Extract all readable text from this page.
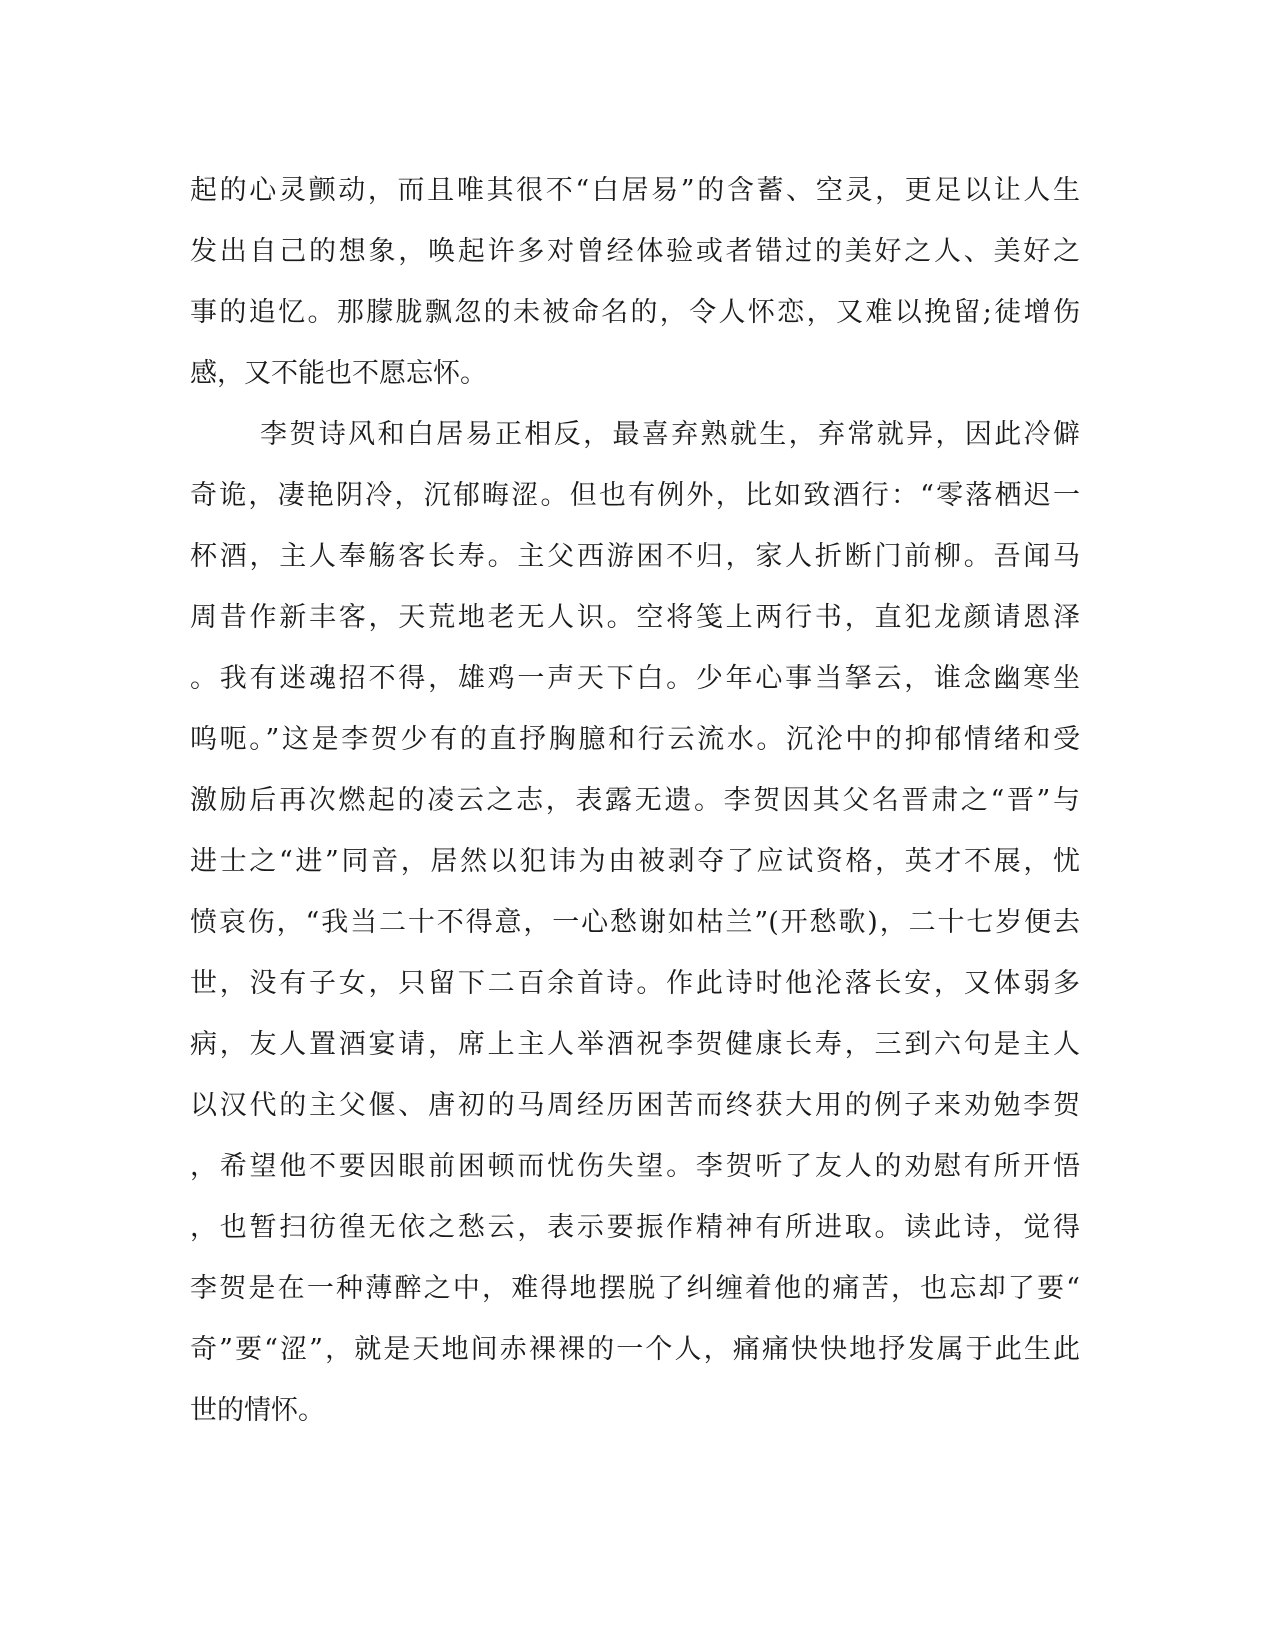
起的心灵颤动，而且唯其很不“白居易”的含蓄、空灵，更足以让人生
发出自己的想象，唤起许多对曾经体验或者错过的美好之人、美好之
事的追忆。那朦胧飘忽的未被命名的，令人怀恋，又难以挽留;徒增伤
感，又不能也不愿忘怀。
李贺诗风和白居易正相反，最喜弃熟就生，弃常就异，因此冷僻
奇诡，凄艳阴冷，沉郁晦涩。但也有例外，比如致酒行：“零落栖迟一
杯酒，主人奉觞客长寿。主父西游困不归，家人折断门前柳。吾闻马
周昔作新丰客，天荒地老无人识。空将笺上两行书，直犯龙颜请恩泽
。我有迷魂招不得，雄鸡一声天下白。少年心事当拏云，谁念幽寒坐
呜呃。”这是李贺少有的直抒胸臆和行云流水。沉沦中的抑郁情绪和受
激励后再次燃起的凌云之志，表露无遗。李贺因其父名晋肃之“晋”与
进士之“进”同音，居然以犯讳为由被剥夺了应试资格，英才不展，忧
愤哀伤，“我当二十不得意，一心愁谢如枯兰”(开愁歌)，二十七岁便去
世，没有子女，只留下二百余首诗。作此诗时他沦落长安，又体弱多
病，友人置酒宴请，席上主人举酒祝李贺健康长寿，三到六句是主人
以汉代的主父偃、唐初的马周经历困苦而终获大用的例子来劝勉李贺
，希望他不要因眼前困顿而忧伤失望。李贺听了友人的劝慰有所开悟
，也暂扫彷徨无依之愁云，表示要振作精神有所进取。读此诗，觉得
李贺是在一种薄醉之中，难得地摆脱了纠缠着他的痛苦，也忘却了要“
奇”要“涩”，就是天地间赤裸裸的一个人，痛痛快快地抒发属于此生此
世的情怀。
